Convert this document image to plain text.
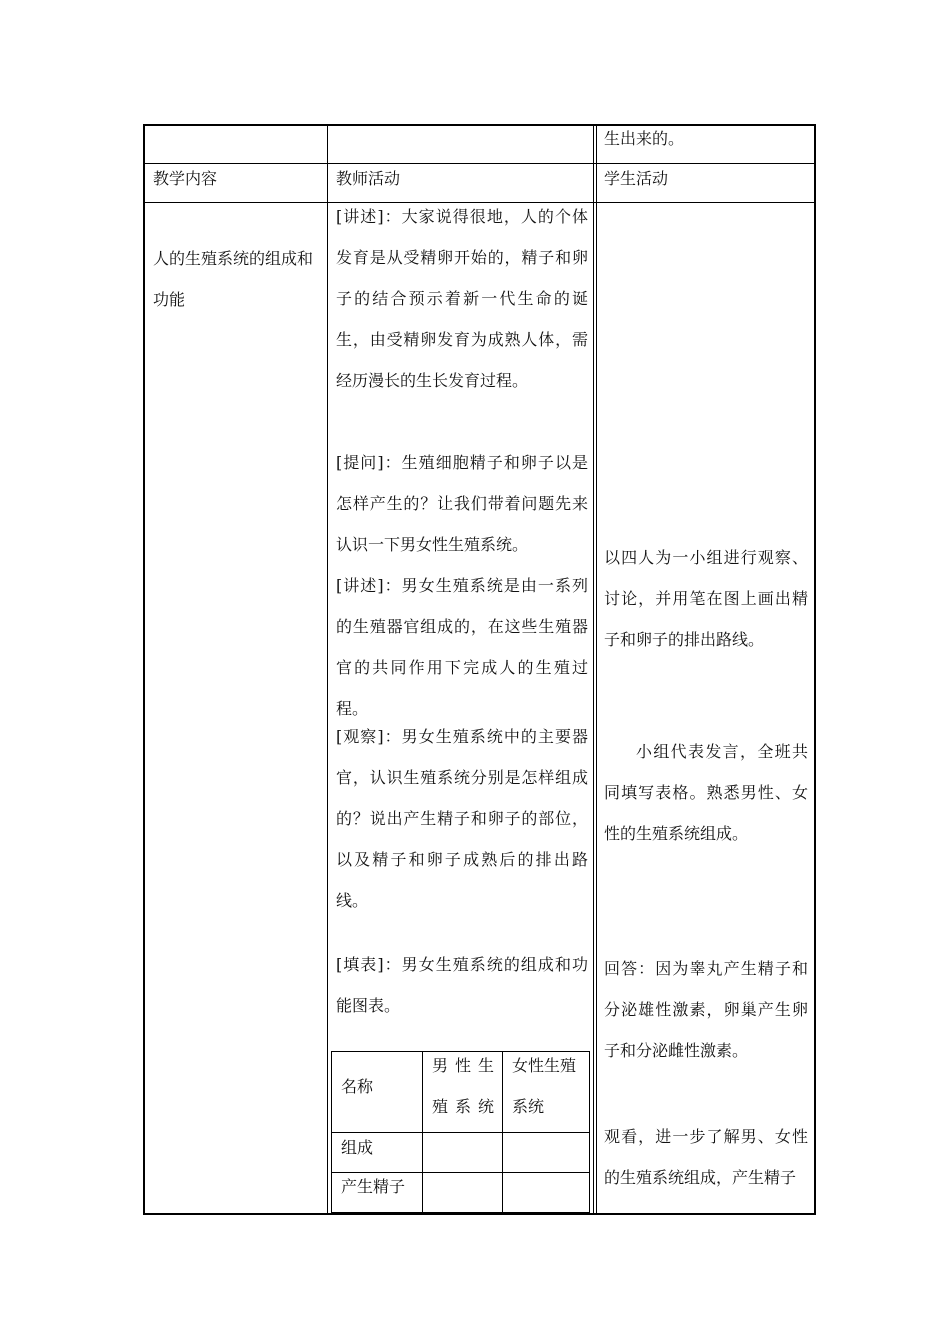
生出来的。
教学内容	教师活动	学生活动
人的生殖系统的组成和功能
[讲述]：大家说得很地，人的个体发育是从受精卵开始的，精子和卵子的结合预示着新一代生命的诞生，由受精卵发育为成熟人体，需经历漫长的生长发育过程。
[提问]：生殖细胞精子和卵子以是怎样产生的？让我们带着问题先来认识一下男女性生殖系统。
[讲述]：男女生殖系统是由一系列的生殖器官组成的，在这些生殖器官的共同作用下完成人的生殖过程。
[观察]：男女生殖系统中的主要器官，认识生殖系统分别是怎样组成的？说出产生精子和卵子的部位，以及精子和卵子成熟后的排出路线。
[填表]：男女生殖系统的组成和功能图表。
名称
男性生殖系统
女性生殖系统
组成
产生精子
以四人为一小组进行观察、讨论，并用笔在图上画出精子和卵子的排出路线。
小组代表发言，全班共同填写表格。熟悉男性、女性的生殖系统组成。
回答：因为睾丸产生精子和分泌雄性激素，卵巢产生卵子和分泌雌性激素。
观看，进一步了解男、女性的生殖系统组成，产生精子
